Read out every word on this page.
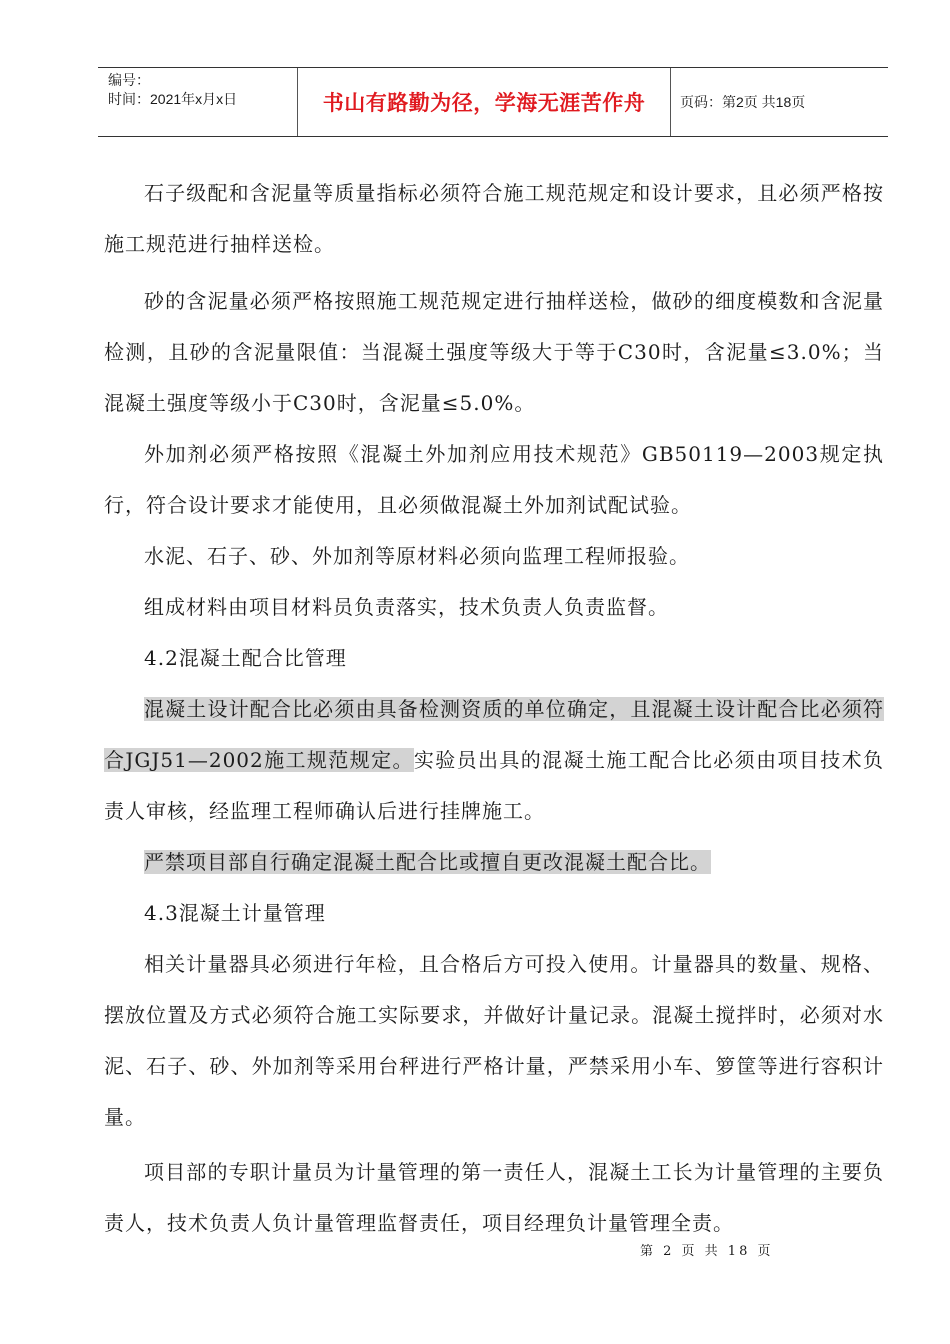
编号：
时间：2021年x月x日	书山有路勤为径，学海无涯苦作舟	页码：第2页 共18页

石子级配和含泥量等质量指标必须符合施工规范规定和设计要求，且必须严格按施工规范进行抽样送检。

砂的含泥量必须严格按照施工规范规定进行抽样送检，做砂的细度模数和含泥量检测，且砂的含泥量限值：当混凝土强度等级大于等于C30时，含泥量≤3.0%；当混凝土强度等级小于C30时，含泥量≤5.0%。

外加剂必须严格按照《混凝土外加剂应用技术规范》GB50119—2003规定执行，符合设计要求才能使用，且必须做混凝土外加剂试配试验。

水泥、石子、砂、外加剂等原材料必须向监理工程师报验。

组成材料由项目材料员负责落实，技术负责人负责监督。

4.2混凝土配合比管理

混凝土设计配合比必须由具备检测资质的单位确定，且混凝土设计配合比必须符合JGJ51—2002施工规范规定。实验员出具的混凝土施工配合比必须由项目技术负责人审核，经监理工程师确认后进行挂牌施工。

严禁项目部自行确定混凝土配合比或擅自更改混凝土配合比。

4.3混凝土计量管理

相关计量器具必须进行年检，且合格后方可投入使用。计量器具的数量、规格、摆放位置及方式必须符合施工实际要求，并做好计量记录。混凝土搅拌时，必须对水泥、石子、砂、外加剂等采用台秤进行严格计量，严禁采用小车、箩筐等进行容积计量。

项目部的专职计量员为计量管理的第一责任人，混凝土工长为计量管理的主要负责人，技术负责人负计量管理监督责任，项目经理负计量管理全责。

第 2 页 共 18 页
